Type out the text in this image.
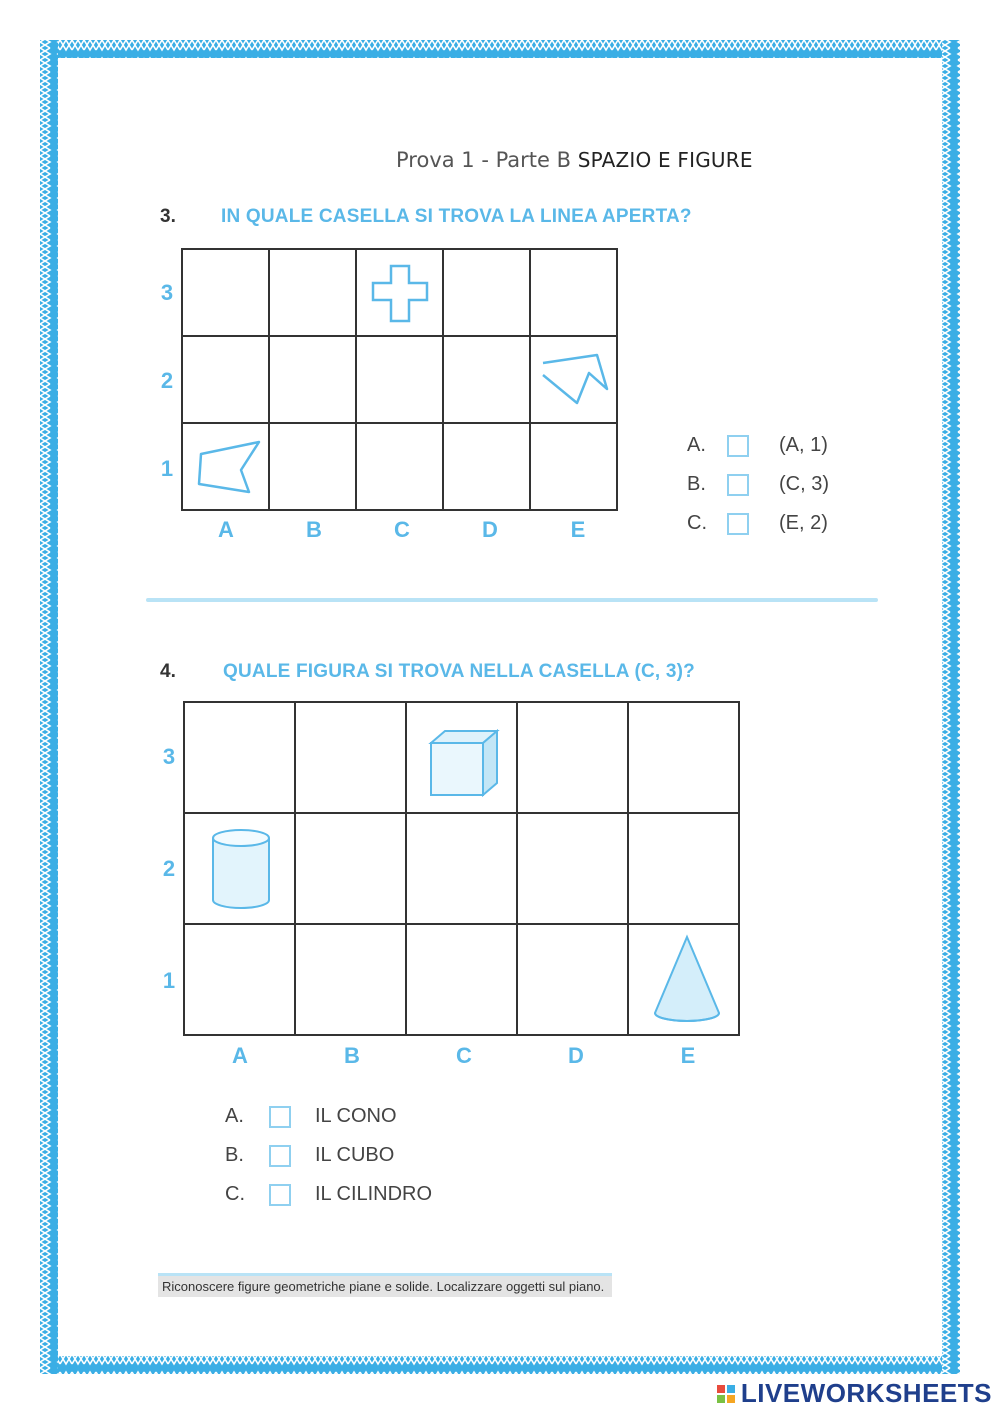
Prova 1 - Parte B SPAZIO E FIGURE
3. IN QUALE CASELLA SI TROVA LA LINEA APERTA?

3
2
1
A	B	C	D	E
A.	(A, 1)
B.	(C, 3)
C.	(E, 2)
4. QUALE FIGURA SI TROVA NELLA CASELLA (C, 3)?

3
2
1
A	B	C	D	E
A.	IL CONO
B.	IL CUBO
C.	IL CILINDRO
Riconoscere figure geometriche piane e solide. Localizzare oggetti sul piano.
LIVEWORKSHEETS
